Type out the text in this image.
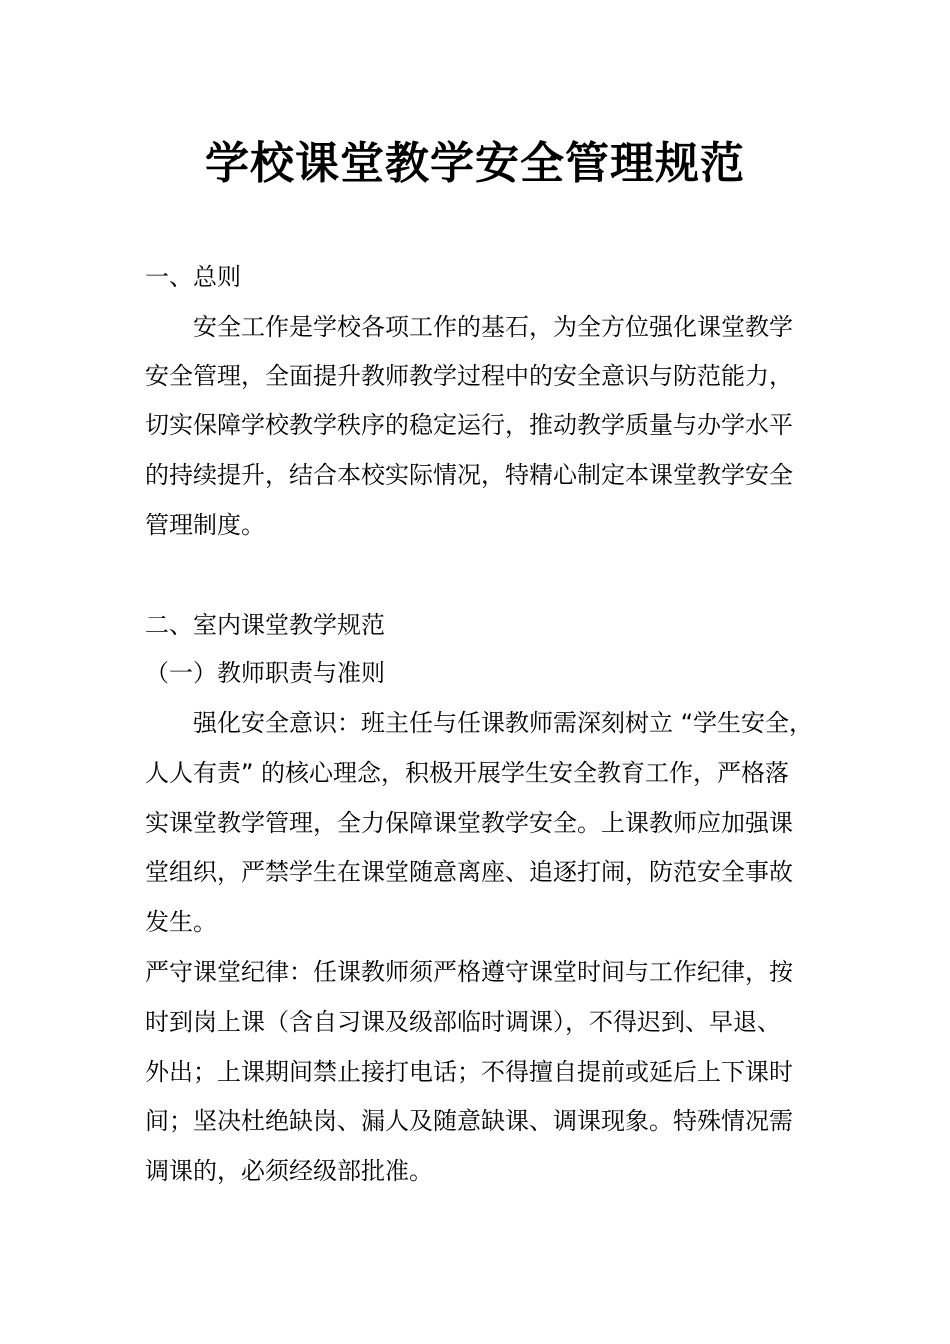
学校课堂教学安全管理规范
一、总则
安全工作是学校各项工作的基石，为全方位强化课堂教学
安全管理，全面提升教师教学过程中的安全意识与防范能力，
切实保障学校教学秩序的稳定运行，推动教学质量与办学水平
的持续提升，结合本校实际情况，特精心制定本课堂教学安全
管理制度。
二、室内课堂教学规范
（一）教师职责与准则
强化安全意识：班主任与任课教师需深刻树立 “学生安全，
人人有责” 的核心理念，积极开展学生安全教育工作，严格落
实课堂教学管理，全力保障课堂教学安全。上课教师应加强课
堂组织，严禁学生在课堂随意离座、追逐打闹，防范安全事故
发生。
严守课堂纪律：任课教师须严格遵守课堂时间与工作纪律，按
时到岗上课（含自习课及级部临时调课），不得迟到、早退、
外出；上课期间禁止接打电话；不得擅自提前或延后上下课时
间；坚决杜绝缺岗、漏人及随意缺课、调课现象。特殊情况需
调课的，必须经级部批准。
